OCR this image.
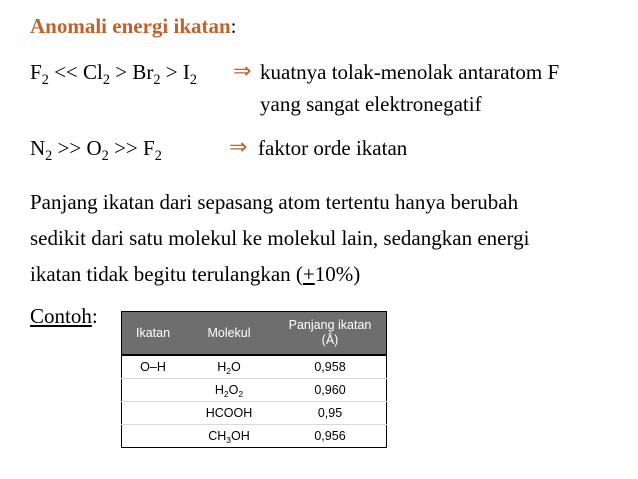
Anomali energi ikatan:
$F_2 << Cl_2 > Br_2 > I_2$ ⇒ kuatnya tolak-menolak antaratom F
yang sangat elektronegatif
$N_2 >> O_2 >> F_2$	⇒ faktor orde ikatan
Panjang ikatan dari sepasang atom tertentu hanya berubah
sedikit dari satu molekul ke molekul lain, sedangkan energi
ikatan tidak begitu terulangkan (+10%)
Contoh:
Ikatan	Molekul	Panjang ikatan
(Å)
O–H	$H_2O$	0,958
	$H_2O_2$	0,960
	HCOOH	0,95
	$CH_3OH$	0,956
